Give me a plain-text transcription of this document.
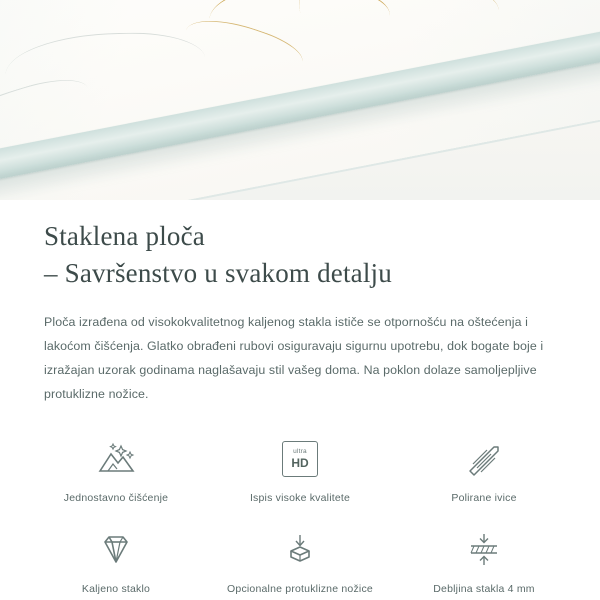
Staklena ploča
– Savršenstvo u svakom detalju

Ploča izrađena od visokokvalitetnog kaljenog stakla ističe se otpornošću na oštećenja i lakoćom čišćenja. Glatko obrađeni rubovi osiguravaju sigurnu upotrebu, dok bogate boje i izražajan uzorak godinama naglašavaju stil vašeg doma. Na poklon dolaze samoljepljive protuklizne nožice.

Jednostavno čišćenje
ultra
HD
Ispis visoke kvalitete	Polirane ivice
Kaljeno staklo	Opcionalne protuklizne nožice	Debljina stakla 4 mm
